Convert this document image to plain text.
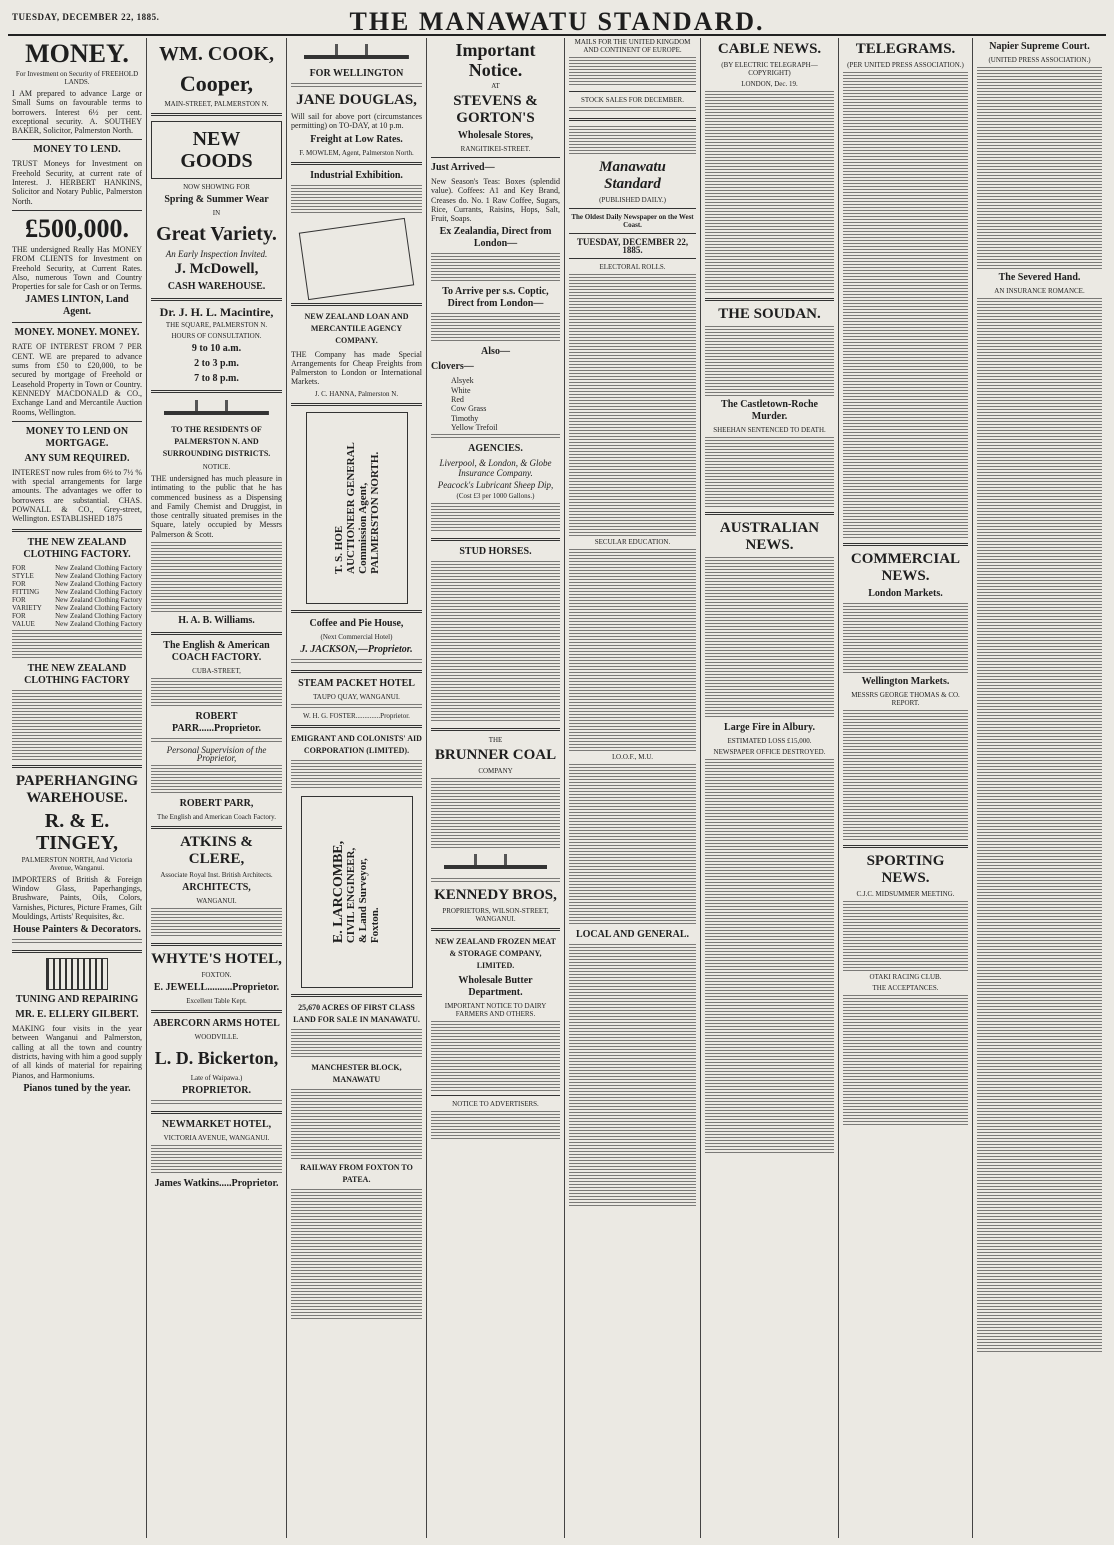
TUESDAY, DECEMBER 22, 1885.	THE MANAWATU STANDARD.
MONEY.

For Investment on Security of FREEHOLD LANDS.

I AM prepared to advance Large or Small Sums on favourable terms to borrowers. Interest 6½ per cent. exceptional security. A. SOUTHEY BAKER, Solicitor, Palmerston North.

MONEY TO LEND.

TRUST Moneys for Investment on Freehold Security, at current rate of Interest. J. HERBERT HANKINS, Solicitor and Notary Public, Palmerston North.

£500,000.

THE undersigned Really Has MONEY FROM CLIENTS for Investment on Freehold Security, at Current Rates. Also, numerous Town and Country Properties for sale for Cash or on Terms.

JAMES LINTON, Land Agent.

MONEY. MONEY. MONEY.

RATE OF INTEREST FROM 7 PER CENT. WE are prepared to advance sums from £50 to £20,000, to be secured by mortgage of Freehold or Leasehold Property in Town or Country. KENNEDY MACDONALD & CO., Exchange Land and Mercantile Auction Rooms, Wellington.

MONEY TO LEND ON MORTGAGE.
ANY SUM REQUIRED.

INTEREST now rules from 6½ to 7½ % with special arrangements for large amounts. The advantages we offer to borrowers are substantial. CHAS. POWNALL & CO., Grey-street, Wellington. ESTABLISHED 1875

THE NEW ZEALAND CLOTHING FACTORY.
FOR	New Zealand Clothing Factory
STYLE	New Zealand Clothing Factory
FOR	New Zealand Clothing Factory
FITTING New Zealand Clothing Factory
FOR	New Zealand Clothing Factory
VARIETY New Zealand Clothing Factory
FOR	New Zealand Clothing Factory
VALUE	New Zealand Clothing Factory
THE NEW ZEALAND CLOTHING FACTORY
PAPERHANGING WAREHOUSE.
R. & E. TINGEY,

PALMERSTON NORTH, And Victoria Avenue, Wanganui.

IMPORTERS of British & Foreign Window Glass, Paperhangings, Brushware, Paints, Oils, Colors, Varnishes, Pictures, Picture Frames, Gilt Mouldings, Artists' Requisites, &c.

House Painters & Decorators.
TUNING AND REPAIRING
MR. E. ELLERY GILBERT.

MAKING four visits in the year between Wanganui and Palmerston, calling at all the town and country districts, having with him a good supply of all kinds of material for repairing Pianos, and Harmoniums.

Pianos tuned by the year.
WM. COOK,
Cooper,

MAIN-STREET, PALMERSTON N.

NEW GOODS

NOW SHOWING FOR

Spring & Summer Wear

IN

Great Variety.

An Early Inspection Invited.

J. McDowell,
CASH WAREHOUSE.
Dr. J. H. L. Macintire,

THE SQUARE, PALMERSTON N.

HOURS OF CONSULTATION.

9 to 10 a.m.
2 to 3 p.m.
7 to 8 p.m.
TO THE RESIDENTS OF PALMERSTON N. AND SURROUNDING DISTRICTS.

NOTICE.

THE undersigned has much pleasure in intimating to the public that he has commenced business as a Dispensing and Family Chemist and Druggist, in those centrally situated premises in the Square, lately occupied by Messrs Palmerson & Scott.

H. A. B. Williams.
The English & American COACH FACTORY.

CUBA-STREET,

ROBERT PARR......Proprietor.

Personal Supervision of the Proprietor,

ROBERT PARR,

The English and American Coach Factory.

ATKINS & CLERE,

Associate Royal Inst. British Architects.

ARCHITECTS,

WANGANUI.

WHYTE'S HOTEL,

FOXTON.

E. JEWELL..........Proprietor.

Excellent Table Kept.

ABERCORN ARMS HOTEL

WOODVILLE.

L. D. Bickerton,

Late of Waipawa.)

PROPRIETOR.
NEWMARKET HOTEL,

VICTORIA AVENUE, WANGANUI.

James Watkins.....Proprietor.
FOR WELLINGTON
JANE DOUGLAS,

Will sail for above port (circumstances permitting) on TO-DAY, at 10 p.m.

Freight at Low Rates.

F. MOWLEM, Agent, Palmerston North.

Industrial Exhibition.
NEW ZEALAND LOAN AND MERCANTILE AGENCY COMPANY.

THE Company has made Special Arrangements for Cheap Freights from Palmerston to London or International Markets.

J. C. HANNA, Palmerston N.

T. S. HOE AUCTIONEER GENERAL Commission Agent, PALMERSTON NORTH.
Coffee and Pie House,

(Next Commercial Hotel)

J. JACKSON,—Proprietor.
STEAM PACKET HOTEL

TAUPO QUAY, WANGANUI.

W. H. G. FOSTER..............Proprietor.

EMIGRANT AND COLONISTS' AID CORPORATION (LIMITED).
E. LARCOMBE, CIVIL ENGINEER, & Land Surveyor, Foxton.
25,670 ACRES OF FIRST CLASS LAND FOR SALE IN MANAWATU.
MANCHESTER BLOCK, MANAWATU
RAILWAY FROM FOXTON TO PATEA.
Important Notice.

AT

STEVENS & GORTON'S
Wholesale Stores,

RANGITIKEI-STREET.

Just Arrived—

New Season's Teas: Boxes (splendid value). Coffees: A1 and Key Brand, Creases do. No. 1 Raw Coffee, Sugars, Rice, Currants, Raisins, Hops, Salt, Fruit, Soaps.

Ex Zealandia, Direct from London—
To Arrive per s.s. Coptic, Direct from London—
Also—
Clovers—
Alsyek
White
Red
Cow Grass
Timothy
Yellow Trefoil
AGENCIES.

Liverpool, & London, & Globe Insurance Company.

Peacock's Lubricant Sheep Dip,

(Cost £3 per 1000 Gallons.)

STUD HORSES.

THE

BRUNNER COAL

COMPANY

KENNEDY BROS,

PROPRIETORS, WILSON-STREET, WANGANUI.

NEW ZEALAND FROZEN MEAT & STORAGE COMPANY, LIMITED.
Wholesale Butter Department.

IMPORTANT NOTICE TO DAIRY FARMERS AND OTHERS.

NOTICE TO ADVERTISERS.

MAILS FOR THE UNITED KINGDOM AND CONTINENT OF EUROPE.

STOCK SALES FOR DECEMBER.

Manawatu Standard

(PUBLISHED DAILY.)

The Oldest Daily Newspaper on the West Coast.

TUESDAY, DECEMBER 22, 1885.

ELECTORAL ROLLS.

SECULAR EDUCATION.

I.O.O.F., M.U.

LOCAL AND GENERAL.
CABLE NEWS.

(BY ELECTRIC TELEGRAPH—COPYRIGHT)

LONDON, Dec. 19.

THE SOUDAN.
The Castletown-Roche Murder.

SHEEHAN SENTENCED TO DEATH.

AUSTRALIAN NEWS.
Large Fire in Albury.

ESTIMATED LOSS £15,000.

NEWSPAPER OFFICE DESTROYED.

TELEGRAMS.

(PER UNITED PRESS ASSOCIATION.)

COMMERCIAL NEWS.
London Markets.
Wellington Markets.

MESSRS GEORGE THOMAS & CO. REPORT.

SPORTING NEWS.

C.J.C. MIDSUMMER MEETING.

OTAKI RACING CLUB.

THE ACCEPTANCES.

Napier Supreme Court.

(UNITED PRESS ASSOCIATION.)

The Severed Hand.

AN INSURANCE ROMANCE.
